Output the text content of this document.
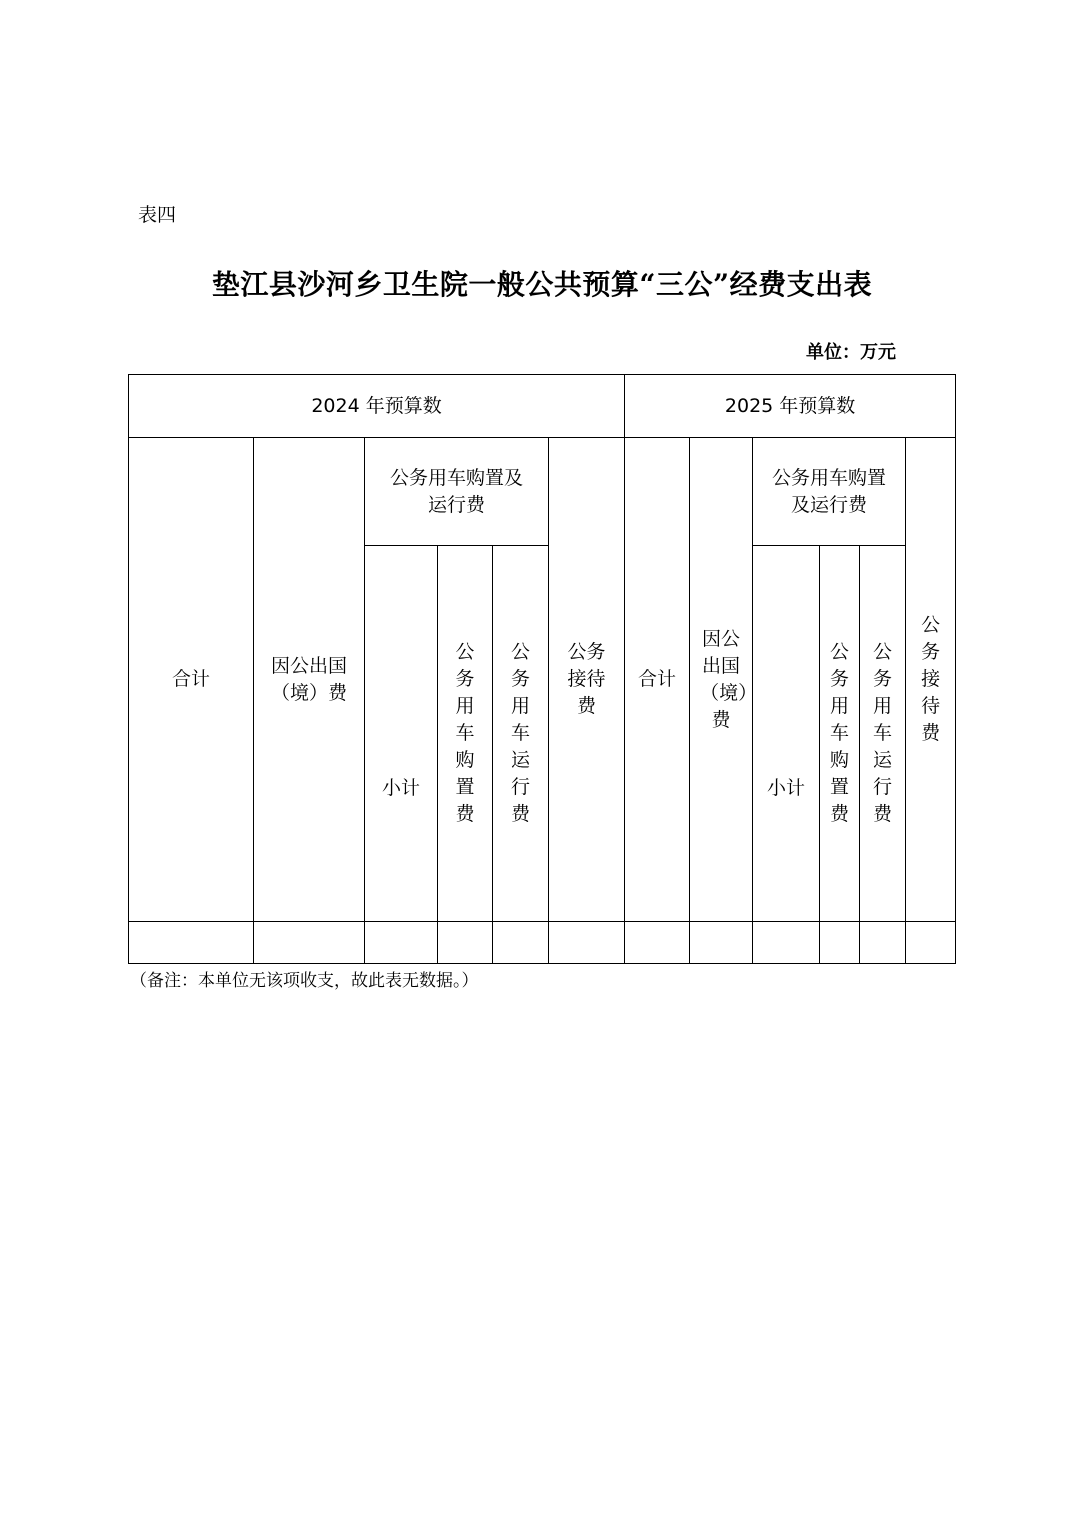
表四
垫江县沙河乡卫生院一般公共预算“三公”经费支出表
单位：万元
2024 年预算数						2025 年预算数					
合计	因公出国（境）费	公务用车购置及运行费			公务接待费	合计	因公出国（境）费	公务用车购置及运行费			公务接待费
		小计	公务用车购置费	公务用车运行费				小计	公务用车购置费	公务用车运行费	

（备注：本单位无该项收支，故此表无数据。）
